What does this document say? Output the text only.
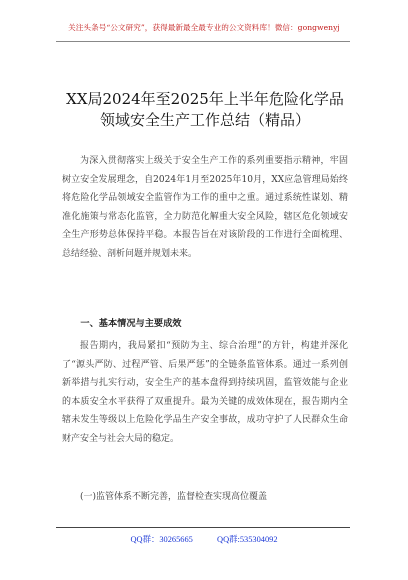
关注头条号“公文研究”，获得最新最全最专业的公文资料库！微信：gongwenyj
XX局2024年至2025年上半年危险化学品
领域安全生产工作总结（精品）
为深入贯彻落实上级关于安全生产工作的系列重要指示精神，牢固树立安全发展理念，自2024年1月至2025年10月，XX应急管理局始终将危险化学品领域安全监管作为工作的重中之重。通过系统性谋划、精准化施策与常态化监管，全力防范化解重大安全风险，辖区危化领域安全生产形势总体保持平稳。本报告旨在对该阶段的工作进行全面梳理、总结经验、剖析问题并规划未来。
一、基本情况与主要成效
报告期内，我局紧扣“预防为主、综合治理”的方针，构建并深化了“源头严防、过程严管、后果严惩”的全链条监管体系。通过一系列创新举措与扎实行动，安全生产的基本盘得到持续巩固，监管效能与企业的本质安全水平获得了双重提升。最为关键的成效体现在，报告期内全辖未发生等级以上危险化学品生产安全事故，成功守护了人民群众生命财产安全与社会大局的稳定。
(一)监管体系不断完善，监督检查实现高位覆盖
QQ群：30265665	QQ群:535304092
